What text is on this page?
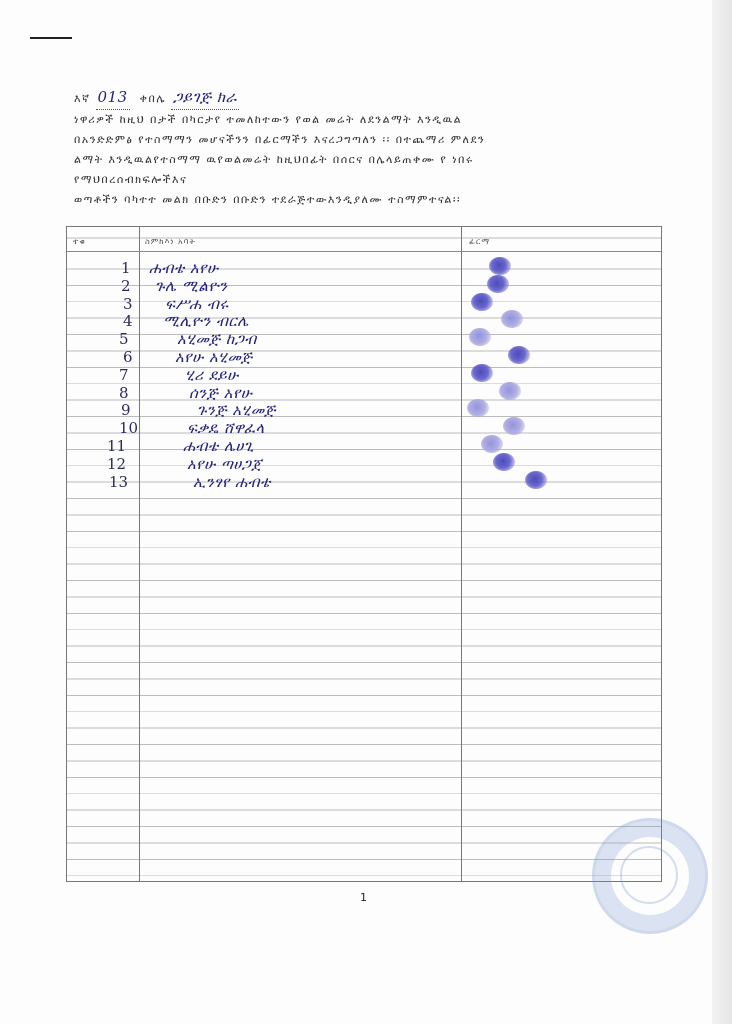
እኛ 013 ቀበሌ ጋይገጅ ክራ
ነዋሪዎች ከዚህ በታች በካርታየ ተመለከተውን የወል መሬት ለደንልማት እንዲዉል
በአንድድምፅ የተስማማን መሆናችንን በፊርማችን እናረጋግጣለን ፡፡ በተጨማሪ ምለደን
ልማት እንዲዉልየተስማማ ዉየወልመሬት ከዚህበፊት በሰርና በሌላይጠቀሙ የ ነበሩ
የማህበረሰብክፍሎችእና
ወጣቶችን ባካተተ መልክ በቡድን በቡድን ተደራጅተውእንዲያለሙ ተስማምተናል፡፡
ተቁ	ስምከእነ አባት	ፊርማ
1	ሐብቴ አየሁ
2	ጉሌ ሚልዮን
3	ፍሥሐ ብሩ
4	ሚሊዮን ብርሌ
5	አሂመጅ ከጋብ
6	አየሁ አሂመጅ
7	ሂሪ ደይሁ
8	ሰንጅ አየሁ
9	ጉንጅ አሂመጅ
10	ፍቃዴ ሸዋፈላ
11	ሐብቴ ሌሀጊ
12	አየሁ ጣሀጋጀ
13	ኢንፃየ ሐብቴ
1
